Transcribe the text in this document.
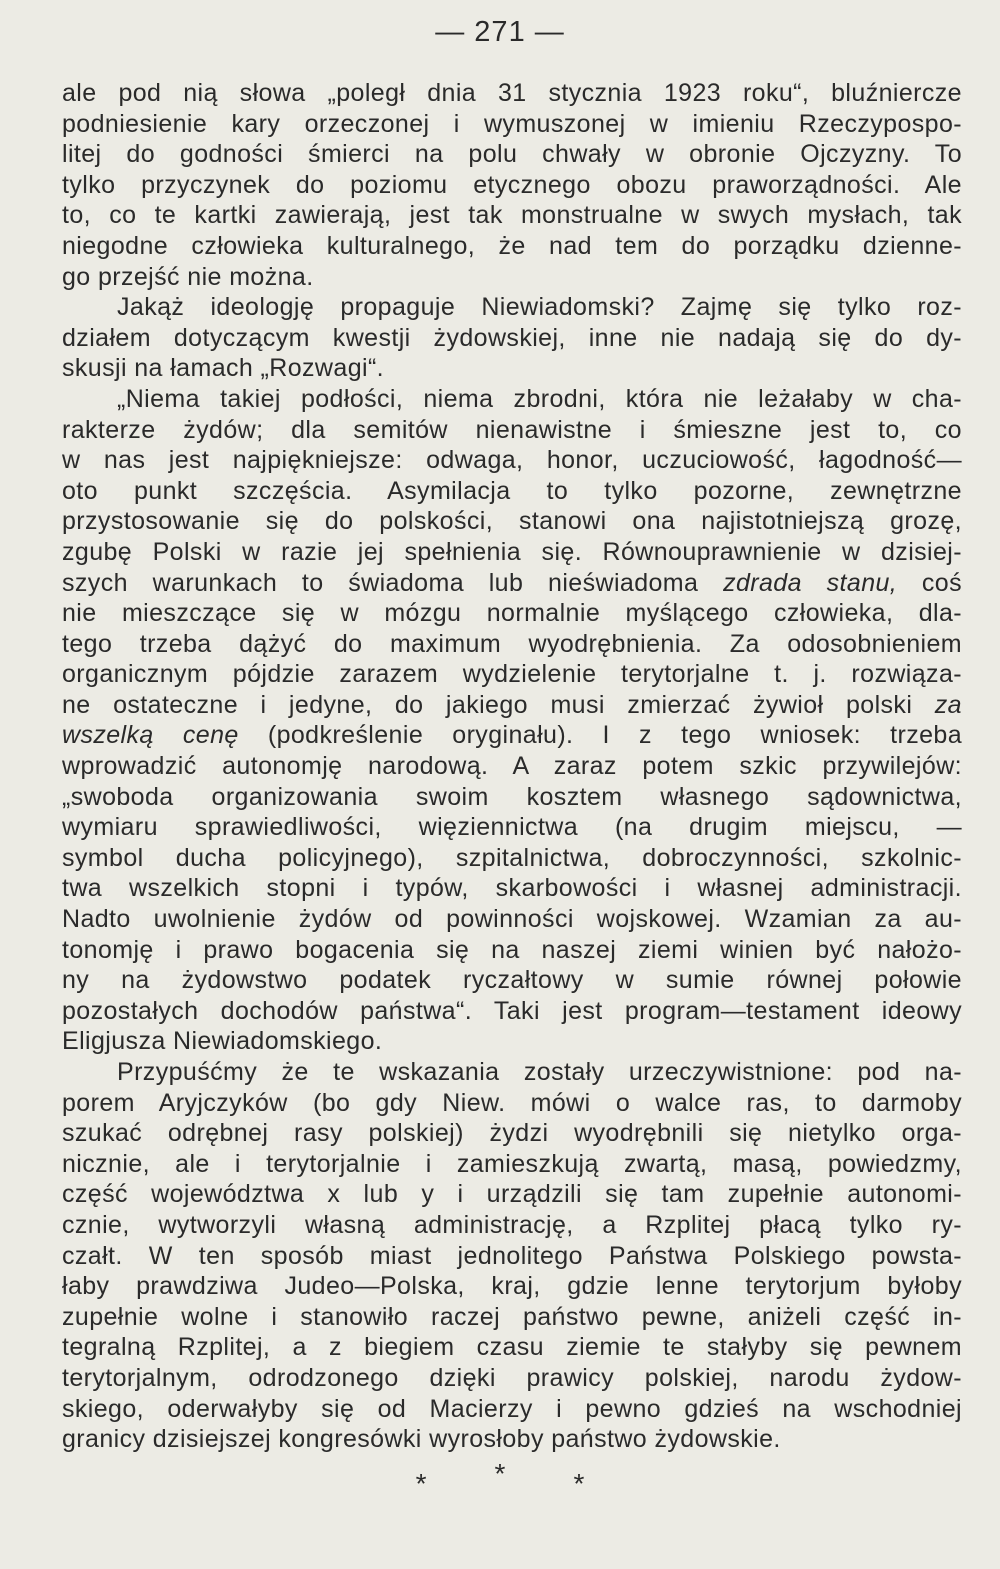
— 271 —
ale pod nią słowa „poległ dnia 31 stycznia 1923 roku“, bluźniercze
podniesienie kary orzeczonej i wymuszonej w imieniu Rzeczypospo-
litej do godności śmierci na polu chwały w obronie Ojczyzny. To
tylko przyczynek do poziomu etycznego obozu praworządności. Ale
to, co te kartki zawierają, jest tak monstrualne w swych mysłach, tak
niegodne człowieka kulturalnego, że nad tem do porządku dzienne-
go przejść nie można.
Jakąż ideologję propaguje Niewiadomski? Zajmę się tylko roz-
działem dotyczącym kwestji żydowskiej, inne nie nadają się do dy-
skusji na łamach „Rozwagi“.
„Niema takiej podłości, niema zbrodni, która nie leżałaby w cha-
rakterze żydów; dla semitów nienawistne i śmieszne jest to, co
w nas jest najpiękniejsze: odwaga, honor, uczuciowość, łagodność—
oto punkt szczęścia. Asymilacja to tylko pozorne, zewnętrzne
przystosowanie się do polskości, stanowi ona najistotniejszą grozę,
zgubę Polski w razie jej spełnienia się. Równouprawnienie w dzisiej-
szych warunkach to świadoma lub nieświadoma zdrada stanu, coś
nie mieszczące się w mózgu normalnie myślącego człowieka, dla-
tego trzeba dążyć do maximum wyodrębnienia. Za odosobnieniem
organicznym pójdzie zarazem wydzielenie terytorjalne t. j. rozwiąza-
ne ostateczne i jedyne, do jakiego musi zmierzać żywioł polski za
wszelką cenę (podkreślenie oryginału). I z tego wniosek: trzeba
wprowadzić autonomję narodową. A zaraz potem szkic przywilejów:
„swoboda organizowania swoim kosztem własnego sądownictwa,
wymiaru sprawiedliwości, więziennictwa (na drugim miejscu, —
symbol ducha policyjnego), szpitalnictwa, dobroczynności, szkolnic-
twa wszelkich stopni i typów, skarbowości i własnej administracji.
Nadto uwolnienie żydów od powinności wojskowej. Wzamian za au-
tonomję i prawo bogacenia się na naszej ziemi winien być nałożo-
ny na żydowstwo podatek ryczałtowy w sumie równej połowie
pozostałych dochodów państwa“. Taki jest program—testament ideowy
Eligjusza Niewiadomskiego.
Przypuśćmy że te wskazania zostały urzeczywistnione: pod na-
porem Aryjczyków (bo gdy Niew. mówi o walce ras, to darmoby
szukać odrębnej rasy polskiej) żydzi wyodrębnili się nietylko orga-
nicznie, ale i terytorjalnie i zamieszkują zwartą, masą, powiedzmy,
część województwa x lub y i urządzili się tam zupełnie autonomi-
cznie, wytworzyli własną administrację, a Rzplitej płacą tylko ry-
czałt. W ten sposób miast jednolitego Państwa Polskiego powsta-
łaby prawdziwa Judeo—Polska, kraj, gdzie lenne terytorjum byłoby
zupełnie wolne i stanowiło raczej państwo pewne, aniżeli część in-
tegralną Rzplitej, a z biegiem czasu ziemie te stałyby się pewnem
terytorjalnym, odrodzonego dzięki prawicy polskiej, narodu żydow-
skiego, oderwałyby się od Macierzy i pewno gdzieś na wschodniej
granicy dzisiejszej kongresówki wyrosłoby państwo żydowskie.
* * *
